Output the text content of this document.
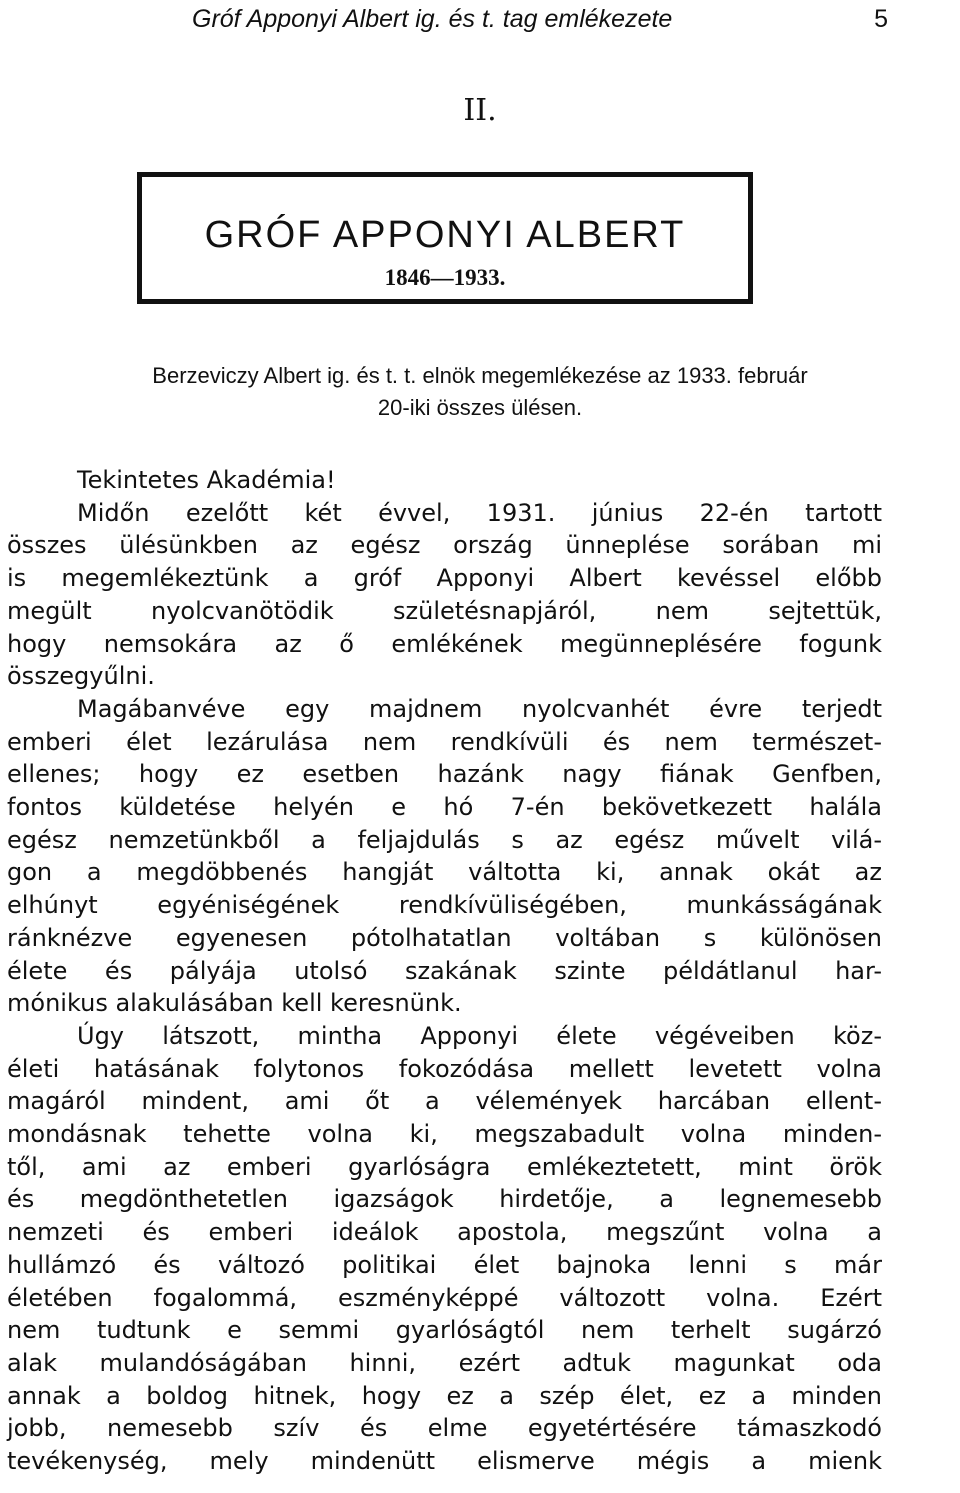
Gróf Apponyi Albert ig. és t. tag emlékezete	5
II.
GRÓF APPONYI ALBERT
1846—1933.
Berzeviczy Albert ig. és t. t. elnök megemlékezése az 1933. február
20-iki összes ülésen.
Tekintetes Akadémia!
Midőn ezelőtt két évvel, 1931. június 22-én tartott
összes ülésünkben az egész ország ünneplése sorában mi
is megemlékeztünk a gróf Apponyi Albert kevéssel előbb
megült nyolcvanötödik születésnapjáról, nem sejtettük,
hogy nemsokára az ő emlékének megünneplésére fogunk
összegyűlni.
Magábanvéve egy majdnem nyolcvanhét évre terjedt
emberi élet lezárulása nem rendkívüli és nem természet-
ellenes; hogy ez esetben hazánk nagy fiának Genfben,
fontos küldetése helyén e hó 7-én bekövetkezett halála
egész nemzetünkből a feljajdulás s az egész művelt vilá-
gon a megdöbbenés hangját váltotta ki, annak okát az
elhúnyt egyéniségének rendkívüliségében, munkásságának
ránknézve egyenesen pótolhatatlan voltában s különösen
élete és pályája utolsó szakának szinte példátlanul har-
mónikus alakulásában kell keresnünk.
Úgy látszott, mintha Apponyi élete végéveiben köz-
életi hatásának folytonos fokozódása mellett levetett volna
magáról mindent, ami őt a vélemények harcában ellent-
mondásnak tehette volna ki, megszabadult volna minden-
től, ami az emberi gyarlóságra emlékeztetett, mint örök
és megdönthetetlen igazságok hirdetője, a legnemesebb
nemzeti és emberi ideálok apostola, megszűnt volna a
hullámzó és változó politikai élet bajnoka lenni s már
életében fogalommá, eszményképpé változott volna. Ezért
nem tudtunk e semmi gyarlóságtól nem terhelt sugárzó
alak mulandóságában hinni, ezért adtuk magunkat oda
annak a boldog hitnek, hogy ez a szép élet, ez a minden
jobb, nemesebb szív és elme egyetértésére támaszkodó
tevékenység, mely mindenütt elismerve mégis a mienk
